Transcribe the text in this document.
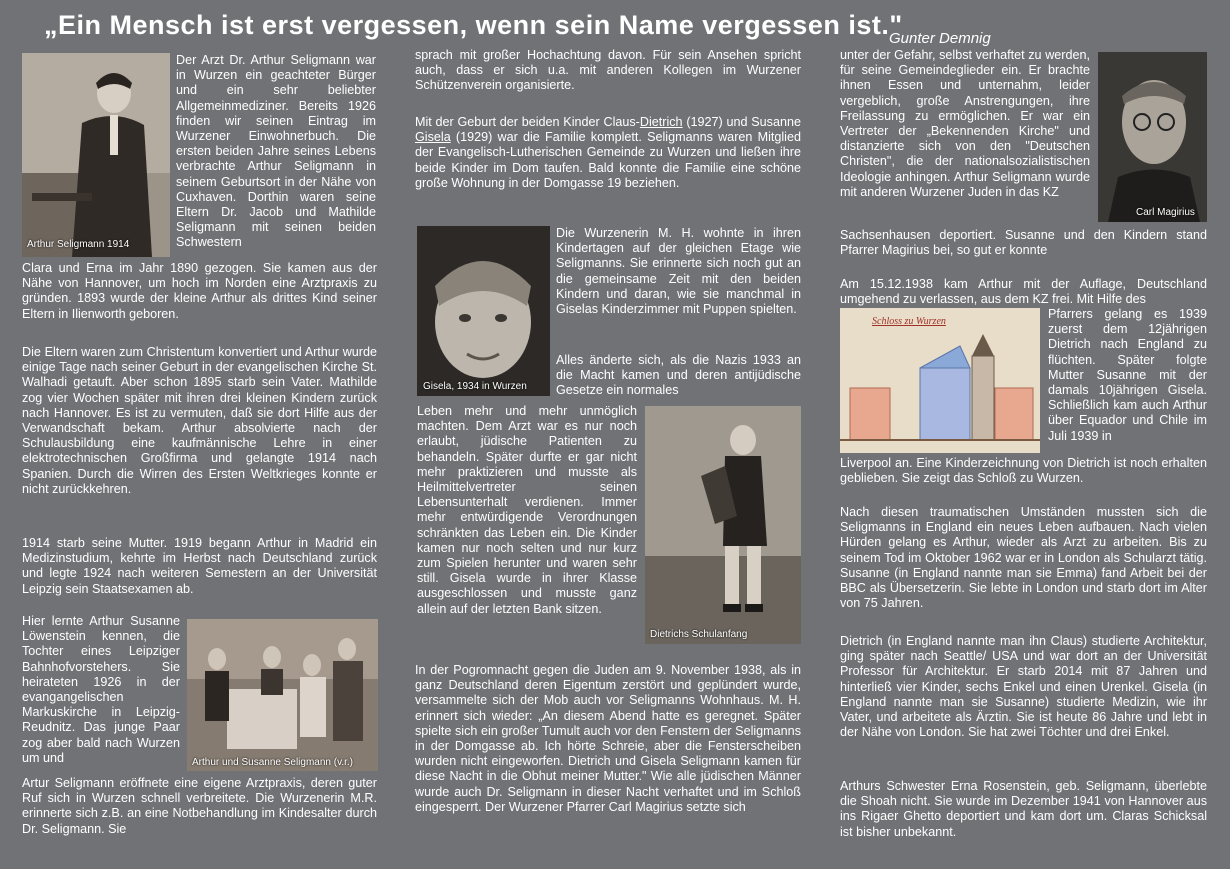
„Ein Mensch ist erst vergessen, wenn sein Name vergessen ist."
Gunter Demnig
Arthur Seligmann 1914

Der Arzt Dr. Arthur Seligmann war in Wurzen ein geachteter Bürger und ein sehr beliebter Allgemeinmediziner. Bereits 1926 finden wir seinen Eintrag im Wurzener Einwohnerbuch. Die ersten beiden Jahre seines Lebens verbrachte Arthur Seligmann in seinem Geburtsort in der Nähe von Cuxhaven. Dorthin waren seine Eltern Dr. Jacob und Mathilde Seligmann mit seinen beiden Schwestern

Clara und Erna im Jahr 1890 gezogen. Sie kamen aus der Nähe von Hannover, um hoch im Norden eine Arztpraxis zu gründen. 1893 wurde der kleine Arthur als drittes Kind seiner Eltern in Ilienworth geboren.

Die Eltern waren zum Christentum konvertiert und Arthur wurde einige Tage nach seiner Geburt in der evangelischen Kirche St. Walhadi getauft. Aber schon 1895 starb sein Vater. Mathilde zog vier Wochen später mit ihren drei kleinen Kindern zurück nach Hannover. Es ist zu vermuten, daß sie dort Hilfe aus der Verwandschaft bekam. Arthur absolvierte nach der Schulausbildung eine kaufmännische Lehre in einer elektrotechnischen Großfirma und gelangte 1914 nach Spanien. Durch die Wirren des Ersten Weltkrieges konnte er nicht zurückkehren.

1914 starb seine Mutter. 1919 begann Arthur in Madrid ein Medizinstudium, kehrte im Herbst nach Deutschland zurück und legte 1924 nach weiteren Semestern an der Universität Leipzig sein Staatsexamen ab.

Hier lernte Arthur Susanne Löwenstein kennen, die Tochter eines Leipziger Bahnhofvorstehers. Sie heirateten 1926 in der evangangelischen Markuskirche in Leipzig-Reudnitz. Das junge Paar zog aber bald nach Wurzen um und	Arthur und Susanne Seligmann (v.r.)

Artur Seligmann eröffnete eine eigene Arztpraxis, deren guter Ruf sich in Wurzen schnell verbreitete. Die Wurzenerin M.R. erinnerte sich z.B. an eine Notbehandlung im Kindesalter durch Dr. Seligmann. Sie

sprach mit großer Hochachtung davon. Für sein Ansehen spricht auch, dass er sich u.a. mit anderen Kollegen im Wurzener Schützenverein organisierte.

Mit der Geburt der beiden Kinder Claus-Dietrich (1927) und Susanne Gisela (1929) war die Familie komplett. Seligmanns waren Mitglied der Evangelisch-Lutherischen Gemeinde zu Wurzen und ließen ihre beide Kinder im Dom taufen. Bald konnte die Familie eine schöne große Wohnung in der Domgasse 19 beziehen.

Gisela, 1934 in Wurzen

Die Wurzenerin M. H. wohnte in ihren Kindertagen auf der gleichen Etage wie Seligmanns. Sie erinnerte sich noch gut an die gemeinsame Zeit mit den beiden Kindern und daran, wie sie manchmal in Giselas Kinderzimmer mit Puppen spielten.

Alles änderte sich, als die Nazis 1933 an die Macht kamen und deren antijüdische Gesetze ein normales

Leben mehr und mehr unmöglich machten. Dem Arzt war es nur noch erlaubt, jüdische Patienten zu behandeln. Später durfte er gar nicht mehr praktizieren und musste als Heilmittelvertreter seinen Lebensunterhalt verdienen. Immer mehr entwürdigende Verordnungen schränkten das Leben ein. Die Kinder kamen nur noch selten und nur kurz zum Spielen herunter und waren sehr still. Gisela wurde in ihrer Klasse ausgeschlossen und musste ganz allein auf der letzten Bank sitzen.

Dietrichs Schulanfang

In der Pogromnacht gegen die Juden am 9. November 1938, als in ganz Deutschland deren Eigentum zerstört und geplündert wurde, versammelte sich der Mob auch vor Seligmanns Wohnhaus. M. H. erinnert sich wieder: „An diesem Abend hatte es geregnet. Später spielte sich ein großer Tumult auch vor den Fenstern der Seligmanns in der Domgasse ab. Ich hörte Schreie, aber die Fensterscheiben wurden nicht eingeworfen. Dietrich und Gisela Seligmann kamen für diese Nacht in die Obhut meiner Mutter." Wie alle jüdischen Männer wurde auch Dr. Seligmann in dieser Nacht verhaftet und im Schloß eingesperrt. Der Wurzener Pfarrer Carl Magirius setzte sich

unter der Gefahr, selbst verhaftet zu werden, für seine Gemeindeglieder ein. Er brachte ihnen Essen und unternahm, leider vergeblich, große Anstrengungen, ihre Freilassung zu ermöglichen. Er war ein Vertreter der „Bekennenden Kirche" und distanzierte sich von den "Deutschen Christen", die der nationalsozialistischen Ideologie anhingen. Arthur Seligmann wurde mit anderen Wurzener Juden in das KZ

Carl Magirius

Sachsenhausen deportiert. Susanne und den Kindern stand Pfarrer Magirius bei, so gut er konnte

Am 15.12.1938 kam Arthur mit der Auflage, Deutschland umgehend zu verlassen, aus dem KZ frei. Mit Hilfe des

Schloss zu Wurzen

Pfarrers gelang es 1939 zuerst dem 12jährigen Dietrich nach England zu flüchten. Später folgte Mutter Susanne mit der damals 10jährigen Gisela. Schließlich kam auch Arthur über Equador und Chile im Juli 1939 in

Liverpool an. Eine Kinderzeichnung von Dietrich ist noch erhalten geblieben. Sie zeigt das Schloß zu Wurzen.

Nach diesen traumatischen Umständen mussten sich die Seligmanns in England ein neues Leben aufbauen. Nach vielen Hürden gelang es Arthur, wieder als Arzt zu arbeiten. Bis zu seinem Tod im Oktober 1962 war er in London als Schularzt tätig. Susanne (in England nannte man sie Emma) fand Arbeit bei der BBC als Übersetzerin. Sie lebte in London und starb dort im Alter von 75 Jahren.

Dietrich (in England nannte man ihn Claus) studierte Architektur, ging später nach Seattle/ USA und war dort an der Universität Professor für Architektur. Er starb 2014 mit 87 Jahren und hinterließ vier Kinder, sechs Enkel und einen Urenkel. Gisela (in England nannte man sie Susanne) studierte Medizin, wie ihr Vater, und arbeitete als Ärztin. Sie ist heute 86 Jahre und lebt in der Nähe von London. Sie hat zwei Töchter und drei Enkel.

Arthurs Schwester Erna Rosenstein, geb. Seligmann, überlebte die Shoah nicht. Sie wurde im Dezember 1941 von Hannover aus ins Rigaer Ghetto deportiert und kam dort um. Claras Schicksal ist bisher unbekannt.
